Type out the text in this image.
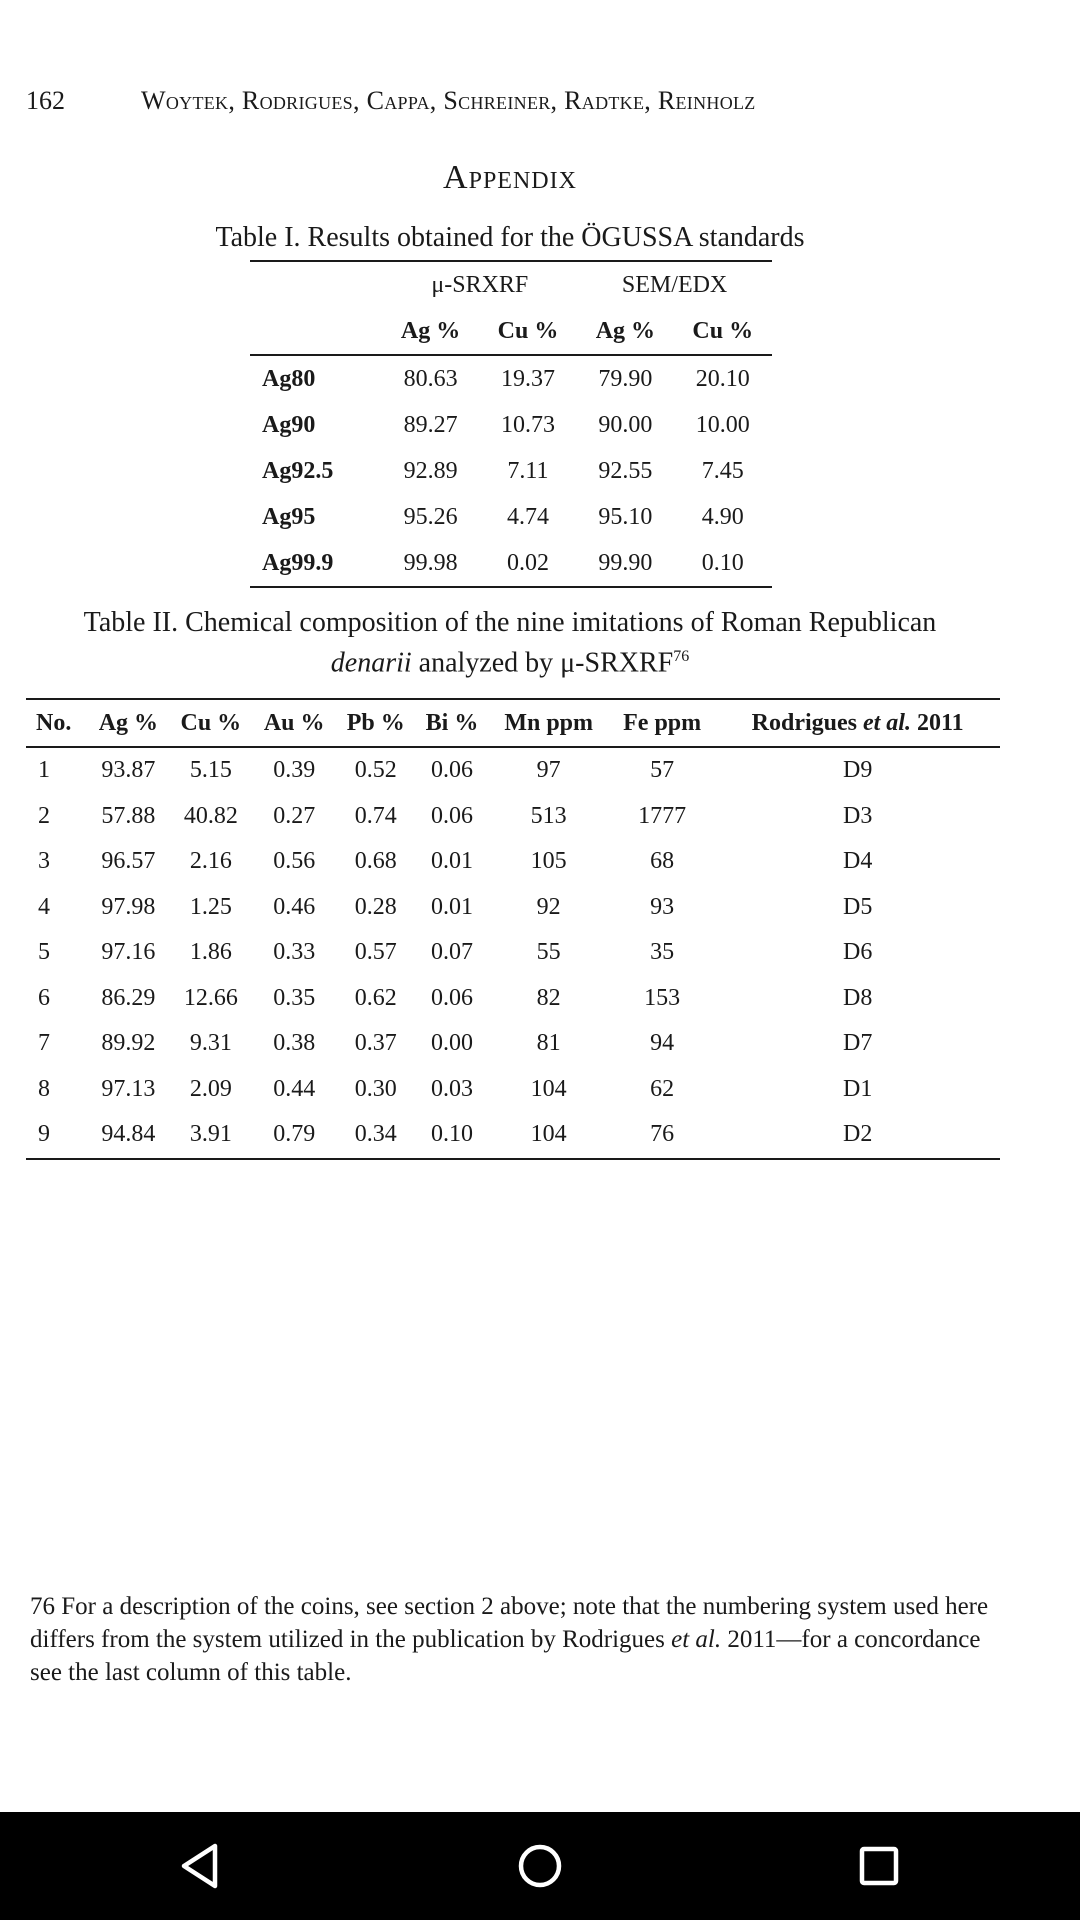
162	Woytek, Rodrigues, Cappa, Schreiner, Radtke, Reinholz
Appendix
Table I. Results obtained for the ÖGUSSA standards
	μ-SRXRF		SEM/EDX	
	Ag %	Cu %	Ag %	Cu %
Ag80	80.63	19.37	79.90	20.10
Ag90	89.27	10.73	90.00	10.00
Ag92.5	92.89	7.11	92.55	7.45
Ag95	95.26	4.74	95.10	4.90
Ag99.9	99.98	0.02	99.90	0.10
Table II. Chemical composition of the nine imitations of Roman Republican
denarii analyzed by μ-SRXRF$^{76}$
No.	Ag %	Cu %	Au %	Pb %	Bi %	Mn ppm	Fe ppm	Rodrigues et al. 2011
1	93.87	5.15	0.39	0.52	0.06	97	57	D9
2	57.88	40.82	0.27	0.74	0.06	513	1777	D3
3	96.57	2.16	0.56	0.68	0.01	105	68	D4
4	97.98	1.25	0.46	0.28	0.01	92	93	D5
5	97.16	1.86	0.33	0.57	0.07	55	35	D6
6	86.29	12.66	0.35	0.62	0.06	82	153	D8
7	89.92	9.31	0.38	0.37	0.00	81	94	D7
8	97.13	2.09	0.44	0.30	0.03	104	62	D1
9	94.84	3.91	0.79	0.34	0.10	104	76	D2
76 For a description of the coins, see section 2 above; note that the numbering system used here differs from the system utilized in the publication by Rodrigues et al. 2011—for a concordance see the last column of this table.
